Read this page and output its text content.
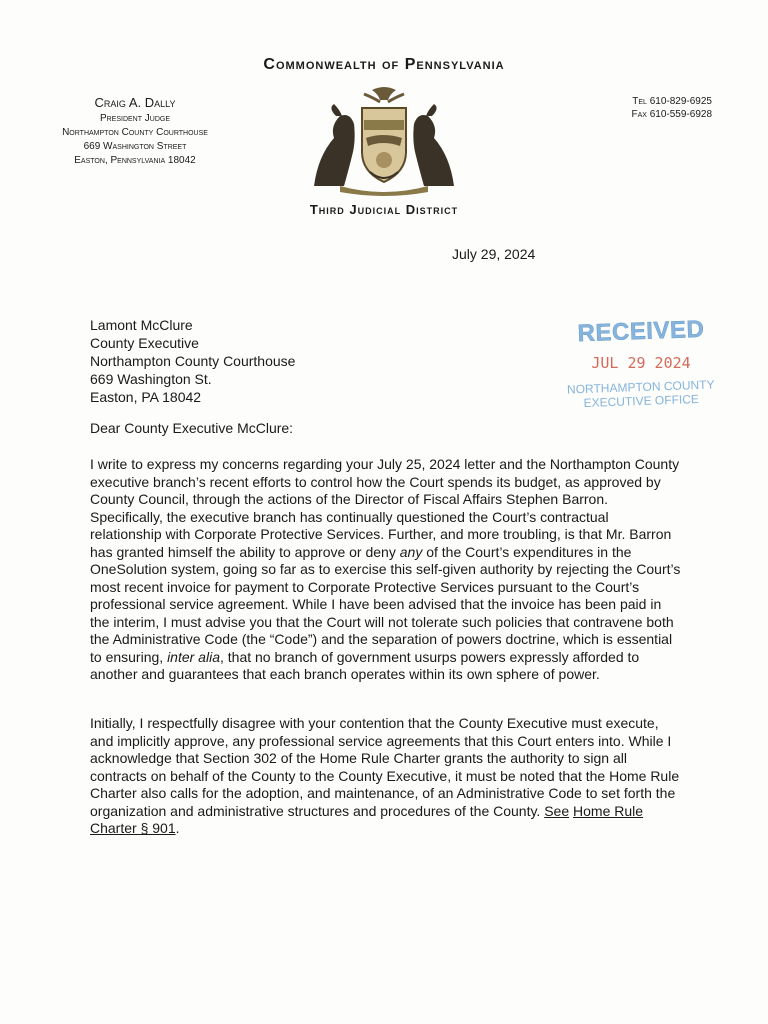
Commonwealth of Pennsylvania
Craig A. Dally
President Judge
Northampton County Courthouse
669 Washington Street
Easton, Pennsylvania 18042
Tel 610-829-6925
Fax 610-559-6928
Third Judicial District
July 29, 2024
Lamont McClure
County Executive
Northampton County Courthouse
669 Washington St.
Easton, PA 18042
RECEIVED
JUL 29 2024
NORTHAMPTON COUNTY
EXECUTIVE OFFICE
Dear County Executive McClure:
I write to express my concerns regarding your July 25, 2024 letter and the Northampton County executive branch’s recent efforts to control how the Court spends its budget, as approved by County Council, through the actions of the Director of Fiscal Affairs Stephen Barron. Specifically, the executive branch has continually questioned the Court’s contractual relationship with Corporate Protective Services. Further, and more troubling, is that Mr. Barron has granted himself the ability to approve or deny any of the Court’s expenditures in the OneSolution system, going so far as to exercise this self-given authority by rejecting the Court’s most recent invoice for payment to Corporate Protective Services pursuant to the Court’s professional service agreement. While I have been advised that the invoice has been paid in the interim, I must advise you that the Court will not tolerate such policies that contravene both the Administrative Code (the “Code”) and the separation of powers doctrine, which is essential to ensuring, inter alia, that no branch of government usurps powers expressly afforded to another and guarantees that each branch operates within its own sphere of power.
Initially, I respectfully disagree with your contention that the County Executive must execute, and implicitly approve, any professional service agreements that this Court enters into. While I acknowledge that Section 302 of the Home Rule Charter grants the authority to sign all contracts on behalf of the County to the County Executive, it must be noted that the Home Rule Charter also calls for the adoption, and maintenance, of an Administrative Code to set forth the organization and administrative structures and procedures of the County. See Home Rule Charter § 901.
